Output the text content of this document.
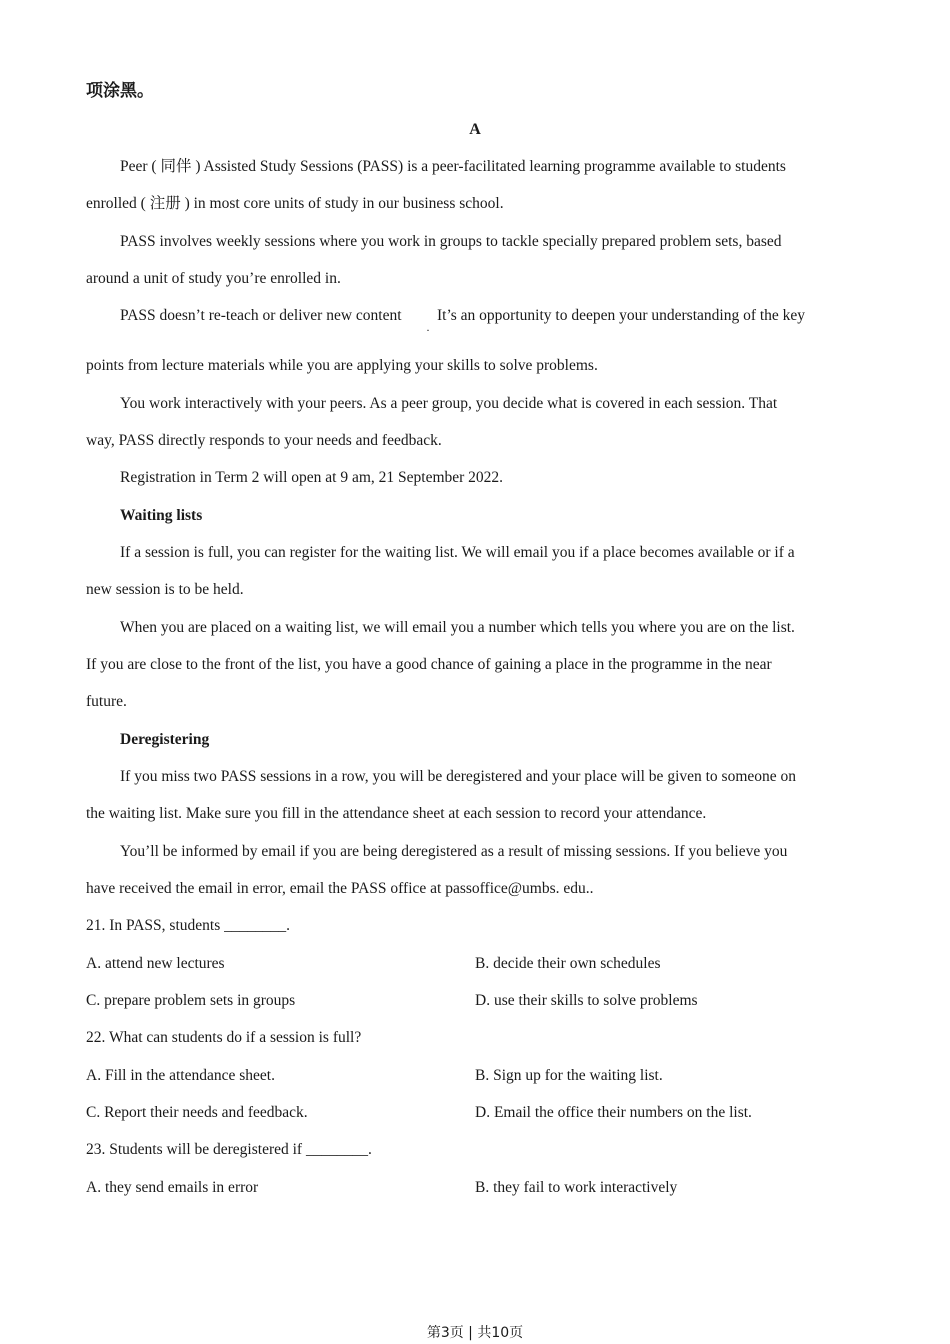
项涂黑。
A
Peer ( 同伴 ) Assisted Study Sessions (PASS) is a peer-facilitated learning programme available to students
enrolled ( 注册 ) in most core units of study in our business school.
PASS involves weekly sessions where you work in groups to tackle specially prepared problem sets, based
around a unit of study you’re enrolled in.
PASS doesn’t re-teach or deliver new content It’s an opportunity to deepen your understanding of the key
·
points from lecture materials while you are applying your skills to solve problems.
You work interactively with your peers. As a peer group, you decide what is covered in each session. That
way, PASS directly responds to your needs and feedback.
Registration in Term 2 will open at 9 am, 21 September 2022.
Waiting lists
If a session is full, you can register for the waiting list. We will email you if a place becomes available or if a
new session is to be held.
When you are placed on a waiting list, we will email you a number which tells you where you are on the list.
If you are close to the front of the list, you have a good chance of gaining a place in the programme in the near
future.
Deregistering
If you miss two PASS sessions in a row, you will be deregistered and your place will be given to someone on
the waiting list. Make sure you fill in the attendance sheet at each session to record your attendance.
You’ll be informed by email if you are being deregistered as a result of missing sessions. If you believe you
have received the email in error, email the PASS office at passoffice@umbs. edu..
21. In PASS, students ________.
A. attend new lectures	B. decide their own schedules
C. prepare problem sets in groups	D. use their skills to solve problems
22. What can students do if a session is full?
A. Fill in the attendance sheet.	B. Sign up for the waiting list.
C. Report their needs and feedback.	D. Email the office their numbers on the list.
23. Students will be deregistered if ________.
A. they send emails in error	B. they fail to work interactively
第3页 | 共10页
